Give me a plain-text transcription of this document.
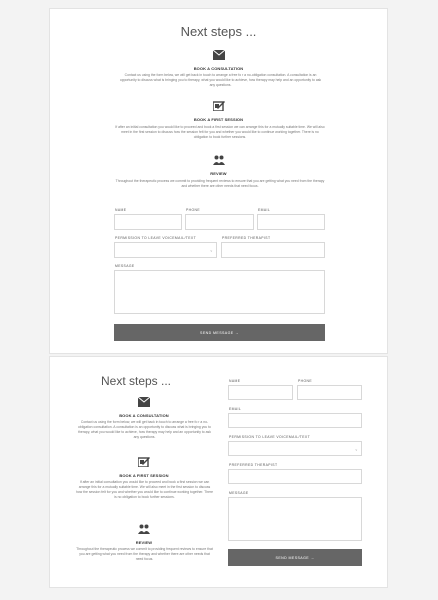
Next steps ...
BOOK A CONSULTATION
Contact us using the form below, we will get back in touch to arrange a free fo r a no-obligation consultation. A consultation is an opportunity to discuss what is bringing you to therapy, what you would like to achieve, how therapy may help and an opportunity to ask any questions.
BOOK A FIRST SESSION
If after an initial consultation you would like to proceed and book a first session we can arrange this for a mutually suitable time. We will also meet in the first session to discuss how the session felt for you and whether you would like to continue working together. There is no obligation to book further sessions.
REVIEW
Throughout the therapeutic process we commit to providing frequent reviews to ensure that you are getting what you need from the therapy and whether there are other needs that need focus.
NAME	PHONE	EMAIL
PERMISSION TO LEAVE VOICEMAIL/TEXT
⌄
PREFERRED THERAPIST
MESSAGE
SEND MESSAGE →
Next steps ...
BOOK A CONSULTATION
Contact us using the form below, we will get back in touch to arrange a free fo r a no-obligation consultation. A consultation is an opportunity to discuss what is bringing you to therapy, what you would like to achieve, how therapy may help and an opportunity to ask any questions.
BOOK A FIRST SESSION
If after an initial consultation you would like to proceed and book a first session we can arrange this for a mutually suitable time. We will also meet in the first session to discuss how the session felt for you and whether you would like to continue working together. There is no obligation to book further sessions.
REVIEW
Throughout the therapeutic process we commit to providing frequent reviews to ensure that you are getting what you need from the therapy and whether there are other needs that need focus.
NAME	PHONE
EMAIL
PERMISSION TO LEAVE VOICEMAIL/TEXT
⌄
PREFERRED THERAPIST
MESSAGE
SEND MESSAGE →
